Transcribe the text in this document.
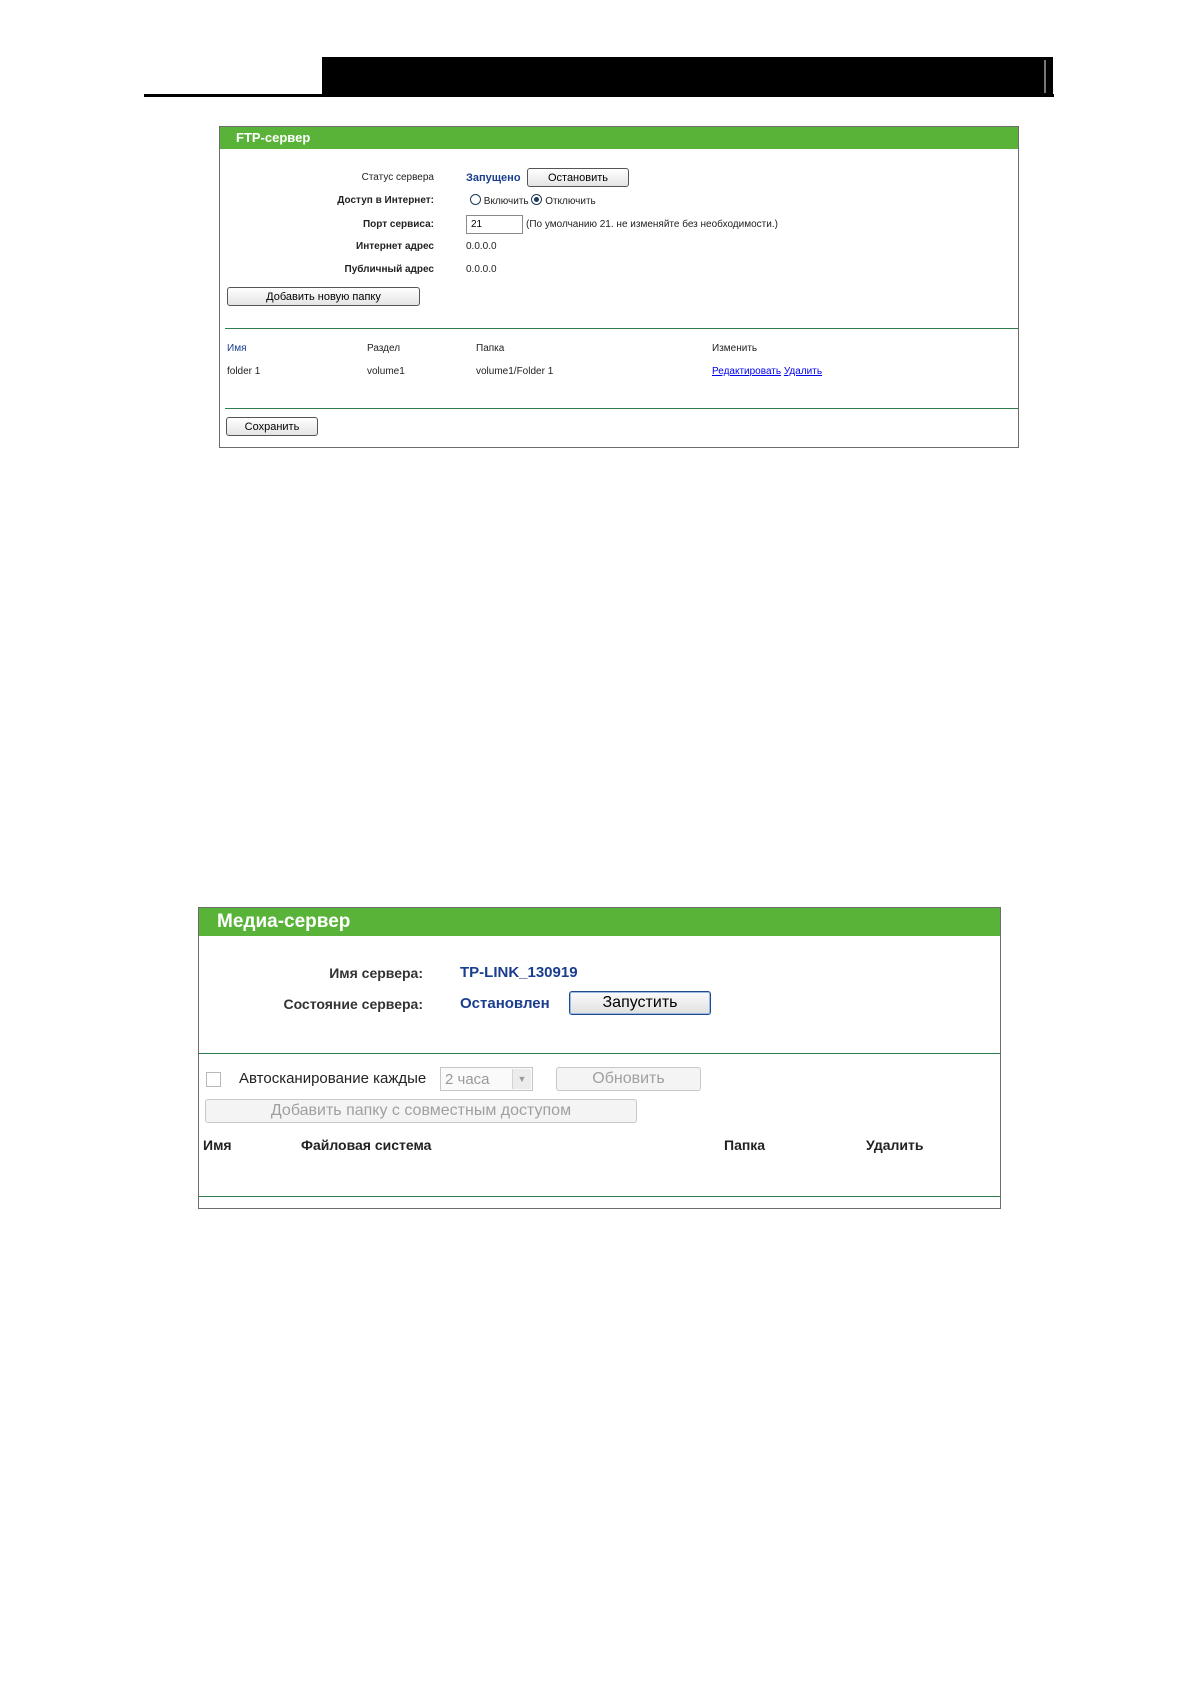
FTP-сервер
Статус сервера	Запущено	Остановить
Доступ в Интернет:	Включить Отключить
Порт сервиса:
21	(По умолчанию 21. не изменяйте без необходимости.)
Интернет адрес	0.0.0.0
Публичный адрес	0.0.0.0
Добавить новую папку
Имя	Раздел	Папка	Изменить
folder 1	volume1	volume1/Folder 1	Редактировать Удалить
Сохранить
Медиа-сервер
Имя сервера: TP-LINK_130919
Состояние сервера: Остановлен	Запустить
Автосканирование каждые 2 часа	▼	Обновить
Добавить папку с совместным доступом
Имя	Файловая система	Папка	Удалить
